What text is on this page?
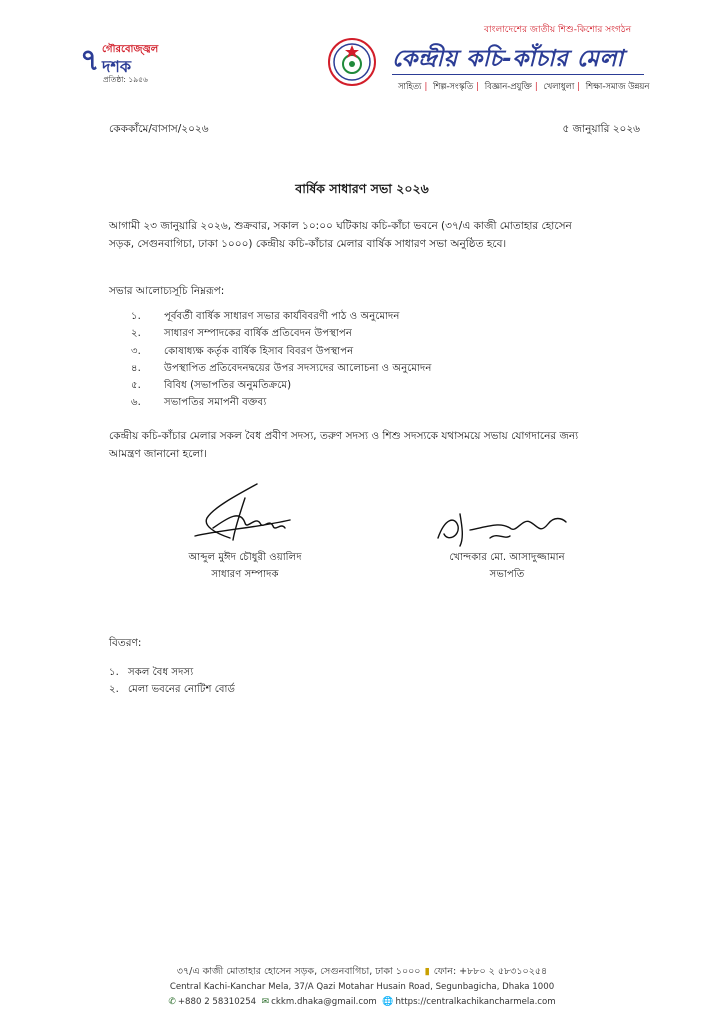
৭ গৌরবোজ্জ্বল
দশক
প্রতিষ্ঠা: ১৯৫৬
বাংলাদেশের জাতীয় শিশু-কিশোর সংগঠন
কেন্দ্রীয় কচি-কাঁচার মেলা
সাহিত্য | শিল্প-সংস্কৃতি | বিজ্ঞান-প্রযুক্তি | খেলাধুলা | শিক্ষা-সমাজ উন্নয়ন
কেককাঁমে/বাসাস/২০২৬	৫ জানুয়ারি ২০২৬
বার্ষিক সাধারণ সভা ২০২৬
আগামী ২৩ জানুয়ারি ২০২৬, শুক্রবার, সকাল ১০:০০ ঘটিকায় কচি-কাঁচা ভবনে (৩৭/এ কাজী মোতাহার হোসেন
সড়ক, সেগুনবাগিচা, ঢাকা ১০০০) কেন্দ্রীয় কচি-কাঁচার মেলার বার্ষিক সাধারণ সভা অনুষ্ঠিত হবে।
সভার আলোচ্যসূচি নিম্নরূপ:
১. পূর্ববর্তী বার্ষিক সাধারণ সভার কার্যবিবরণী পাঠ ও অনুমোদন
২. সাধারণ সম্পাদকের বার্ষিক প্রতিবেদন উপস্থাপন
৩. কোষাধ্যক্ষ কর্তৃক বার্ষিক হিসাব বিবরণ উপস্থাপন
৪. উপস্থাপিত প্রতিবেদনদ্বয়ের উপর সদস্যদের আলোচনা ও অনুমোদন
৫. বিবিধ (সভাপতির অনুমতিক্রমে)
৬. সভাপতির সমাপনী বক্তব্য
কেন্দ্রীয় কচি-কাঁচার মেলার সকল বৈধ প্রবীণ সদস্য, তরুণ সদস্য ও শিশু সদস্যকে যথাসময়ে সভায় যোগদানের জন্য
আমন্ত্রণ জানানো হলো।
আব্দুল মুঈদ চৌধুরী ওয়ালিদ
সাধারণ সম্পাদক
খোন্দকার মো. আসাদুজ্জামান
সভাপতি
বিতরণ:
১. সকল বৈধ সদস্য
২. মেলা ভবনের নোটিশ বোর্ড
৩৭/এ কাজী মোতাহার হোসেন সড়ক, সেগুনবাগিচা, ঢাকা ১০০০ ▮ ফোন: +৮৮০ ২ ৫৮৩১০২৫৪
Central Kachi-Kanchar Mela, 37/A Qazi Motahar Husain Road, Segunbagicha, Dhaka 1000
✆ +880 2 58310254 ✉ ckkm.dhaka@gmail.com 🌐 https://centralkachikancharmela.com
